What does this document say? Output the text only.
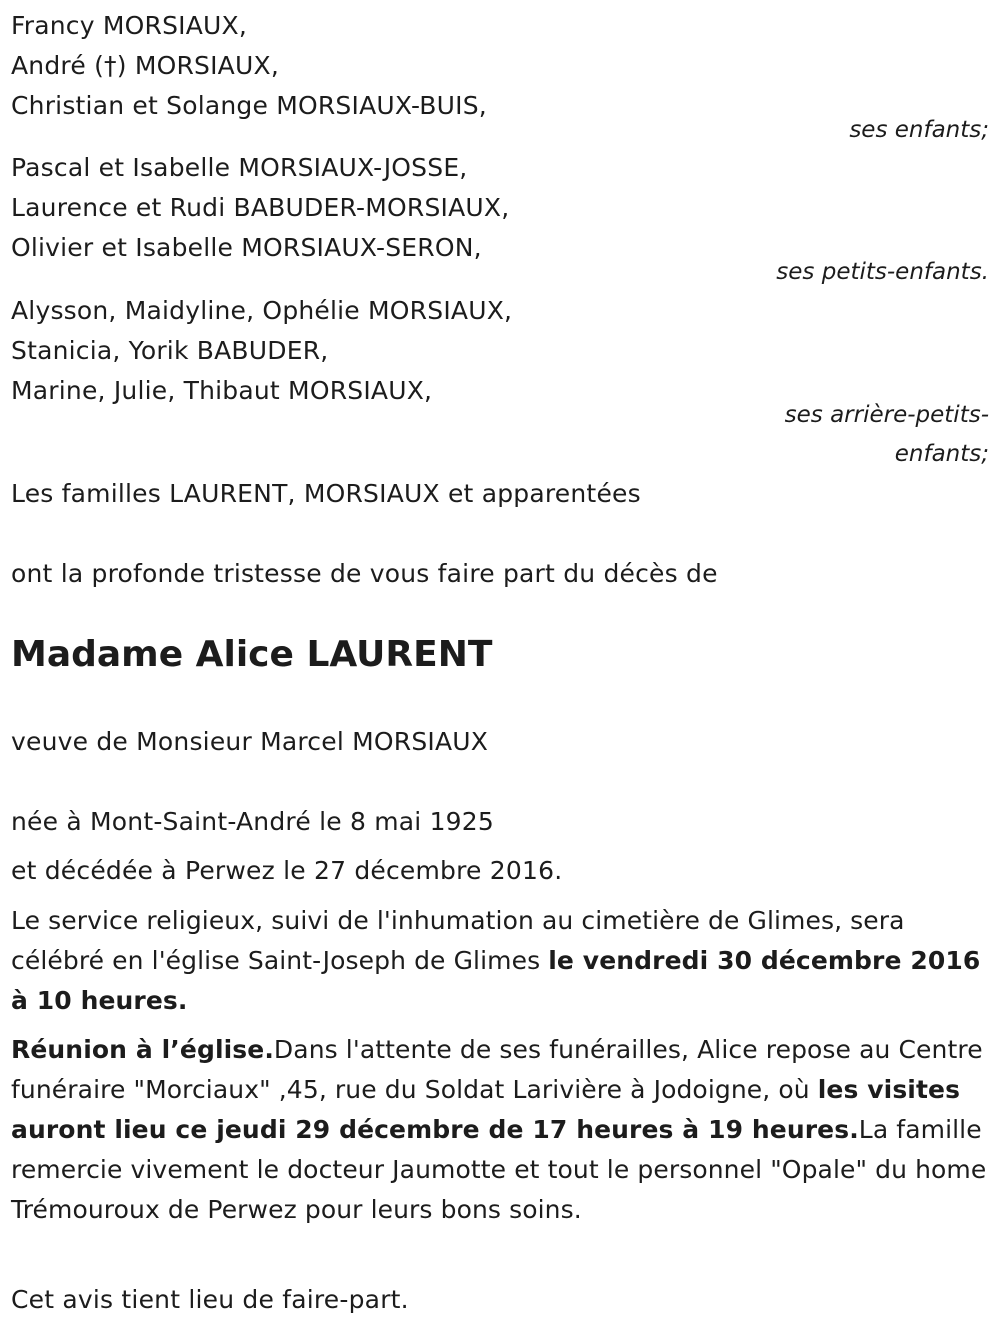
Francy MORSIAUX,
André (†) MORSIAUX,
Christian et Solange MORSIAUX-BUIS,
ses enfants;
Pascal et Isabelle MORSIAUX-JOSSE,
Laurence et Rudi BABUDER-MORSIAUX,
Olivier et Isabelle MORSIAUX-SERON,
ses petits-enfants.
Alysson, Maidyline, Ophélie MORSIAUX,
Stanicia, Yorik BABUDER,
Marine, Julie, Thibaut MORSIAUX,
ses arrière-petits-
enfants;
Les familles LAURENT, MORSIAUX et apparentées
ont la profonde tristesse de vous faire part du décès de
Madame Alice LAURENT
veuve de Monsieur Marcel MORSIAUX
née à Mont-Saint-André le 8 mai 1925
et décédée à Perwez le 27 décembre 2016.
Le service religieux, suivi de l'inhumation au cimetière de Glimes, sera célébré en l'église Saint-Joseph de Glimes le vendredi 30 décembre 2016 à 10 heures.
Réunion à l’église.Dans l'attente de ses funérailles, Alice repose au Centre funéraire "Morciaux" ,45, rue du Soldat Larivière à Jodoigne, où les visites auront lieu ce jeudi 29 décembre de 17 heures à 19 heures.La famille remercie vivement le docteur Jaumotte et tout le personnel "Opale" du home Trémouroux de Perwez pour leurs bons soins.
Cet avis tient lieu de faire-part.
